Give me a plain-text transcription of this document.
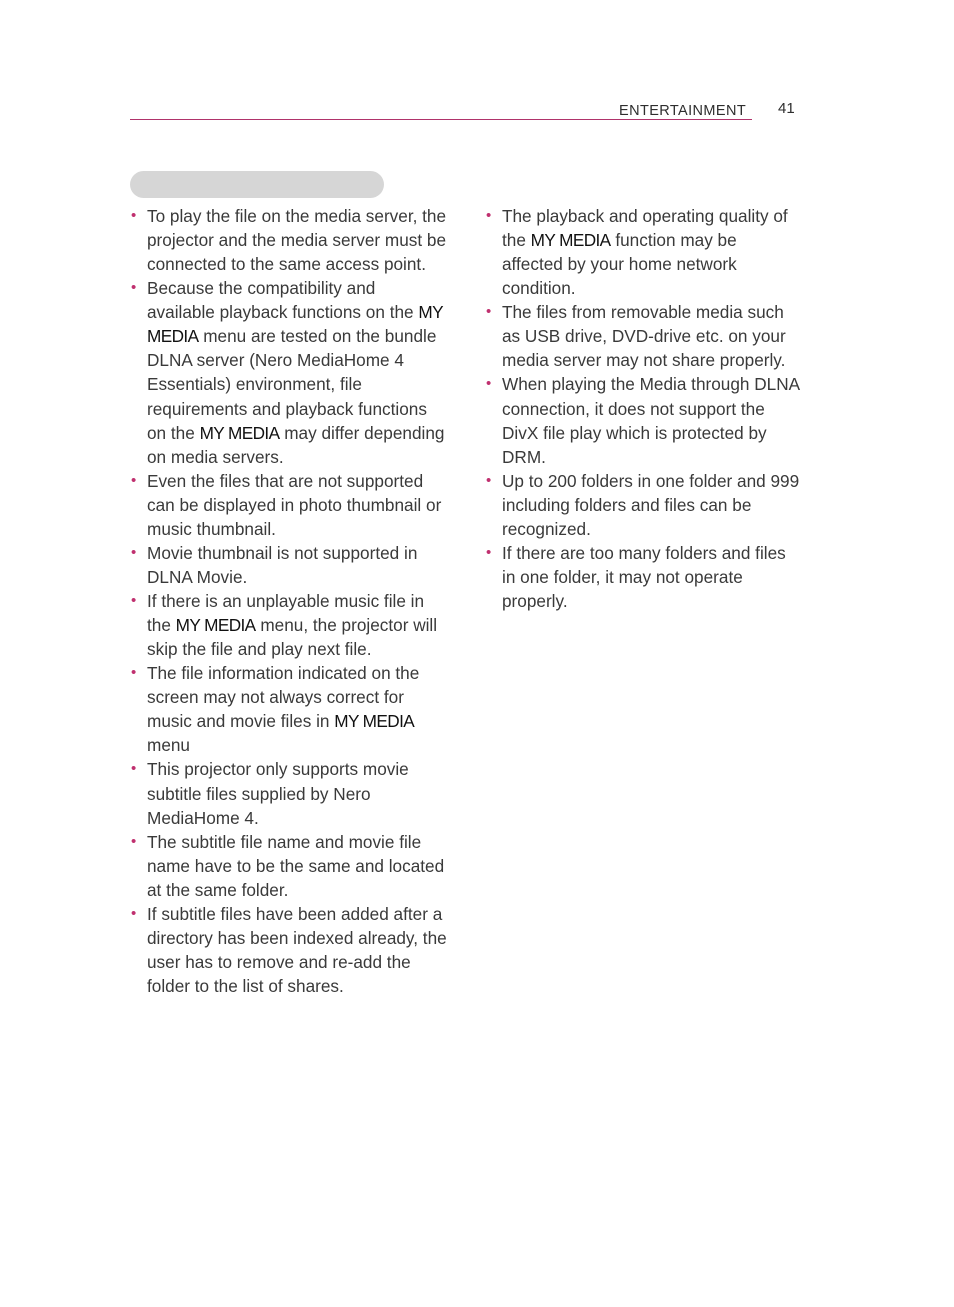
ENTERTAINMENT 41
• To play the file on the media server, the projector and the media server must be connected to the same access point.
• Because the compatibility and available playback functions on the MY MEDIA menu are tested on the bundle DLNA server (Nero MediaHome 4 Essentials) environment, file requirements and playback functions on the MY MEDIA may differ depending on media servers.
• Even the files that are not supported can be displayed in photo thumbnail or music thumbnail.
• Movie thumbnail is not supported in DLNA Movie.
• If there is an unplayable music file in the MY MEDIA menu, the projector will skip the file and play next file.
• The file information indicated on the screen may not always correct for music and movie files in MY MEDIA menu
• This projector only supports movie subtitle files supplied by Nero MediaHome 4.
• The subtitle file name and movie file name have to be the same and located at the same folder.
• If subtitle files have been added after a directory has been indexed already, the user has to remove and re-add the folder to the list of shares.
• The playback and operating quality of the MY MEDIA function may be affected by your home network condition.
• The files from removable media such as USB drive, DVD-drive etc. on your media server may not share properly.
• When playing the Media through DLNA connection, it does not support the DivX file play which is protected by DRM.
• Up to 200 folders in one folder and 999 including folders and files can be recognized.
• If there are too many folders and files in one folder, it may not operate properly.
